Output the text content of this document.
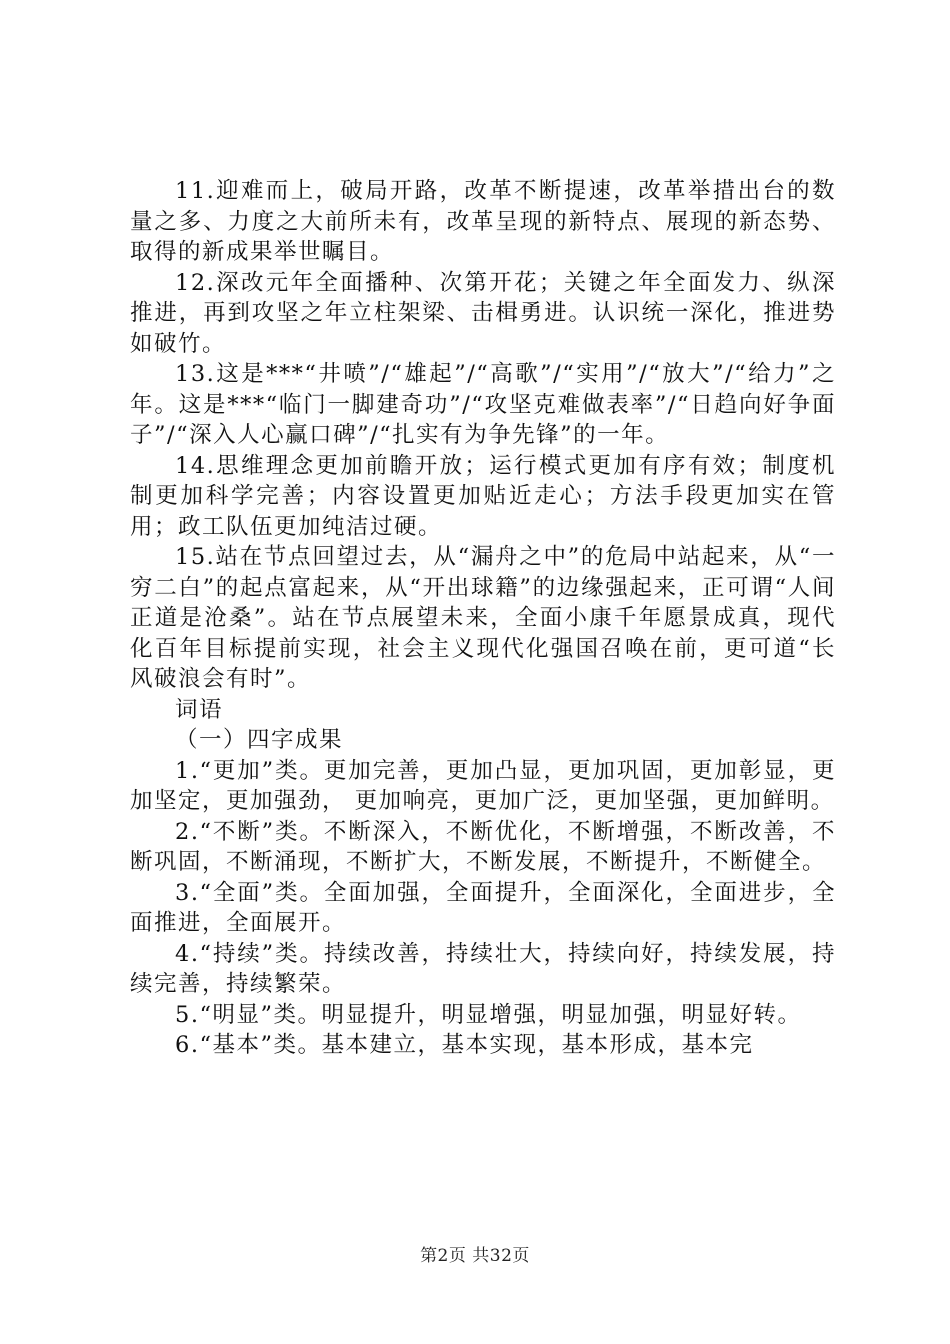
11.迎难而上，破局开路，改革不断提速，改革举措出台的数量之多、力度之大前所未有，改革呈现的新特点、展现的新态势、取得的新成果举世瞩目。

12.深改元年全面播种、次第开花；关键之年全面发力、纵深推进，再到攻坚之年立柱架梁、击楫勇进。认识统一深化，推进势如破竹。

13.这是***“井喷”/“雄起”/“高歌”/“实用”/“放大”/“给力”之年。这是***“临门一脚建奇功”/“攻坚克难做表率”/“日趋向好争面子”/“深入人心赢口碑”/“扎实有为争先锋”的一年。

14.思维理念更加前瞻开放；运行模式更加有序有效；制度机制更加科学完善；内容设置更加贴近走心；方法手段更加实在管用；政工队伍更加纯洁过硬。

15.站在节点回望过去，从“漏舟之中”的危局中站起来，从“一穷二白”的起点富起来，从“开出球籍”的边缘强起来，正可谓“人间正道是沧桑”。站在节点展望未来，全面小康千年愿景成真，现代化百年目标提前实现，社会主义现代化强国召唤在前，更可道“长风破浪会有时”。

词语

（一）四字成果

1.“更加”类。更加完善，更加凸显，更加巩固，更加彰显，更加坚定，更加强劲， 更加响亮，更加广泛，更加坚强，更加鲜明。

2.“不断”类。不断深入，不断优化，不断增强，不断改善，不断巩固，不断涌现，不断扩大，不断发展，不断提升，不断健全。

3.“全面”类。全面加强，全面提升，全面深化，全面进步，全面推进，全面展开。

4.“持续”类。持续改善，持续壮大，持续向好，持续发展，持续完善，持续繁荣。

5.“明显”类。明显提升，明显增强，明显加强，明显好转。

6.“基本”类。基本建立，基本实现，基本形成，基本完

第2页 共32页
